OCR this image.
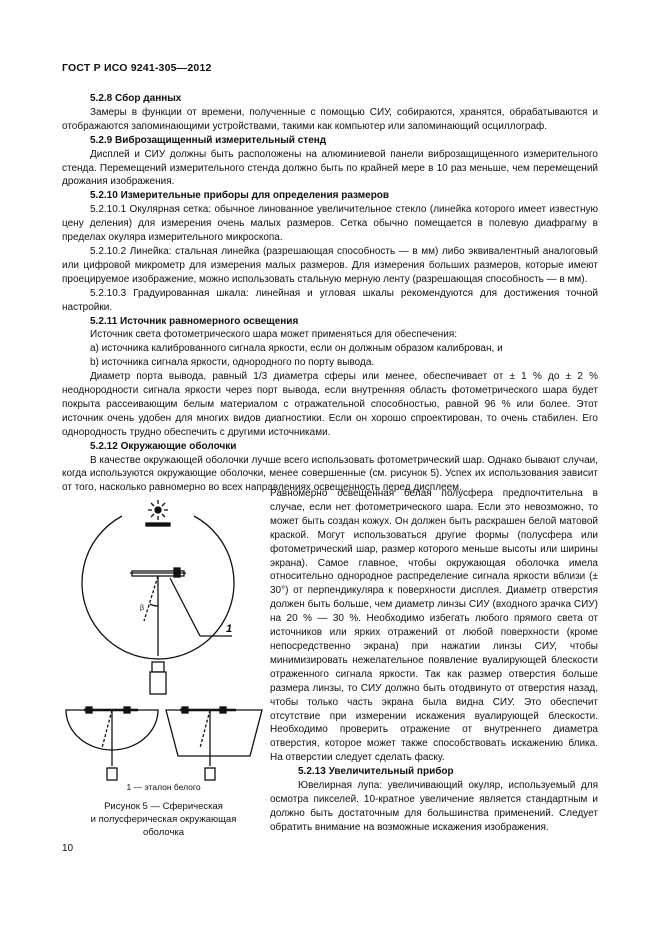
ГОСТ Р ИСО 9241-305—2012

5.2.8 Сбор данных

Замеры в функции от времени, полученные с помощью СИУ, собираются, хранятся, обрабатываются и отображаются запоминающими устройствами, такими как компьютер или запоминающий осциллограф.

5.2.9 Виброзащищенный измерительный стенд

Дисплей и СИУ должны быть расположены на алюминиевой панели виброзащищенного измерительного стенда. Перемещений измерительного стенда должно быть по крайней мере в 10 раз меньше, чем перемещений дрожания изображения.

5.2.10 Измерительные приборы для определения размеров

5.2.10.1 Окулярная сетка: обычное линованное увеличительное стекло (линейка которого имеет известную цену деления) для измерения очень малых размеров. Сетка обычно помещается в полевую диафрагму в пределах окуляра измерительного микроскопа.

5.2.10.2 Линейка: стальная линейка (разрешающая способность — в мм) либо эквивалентный аналоговый или цифровой микрометр для измерения малых размеров. Для измерения больших размеров, которые имеют проецируемое изображение, можно использовать стальную мерную ленту (разрешающая способность — в мм).

5.2.10.3 Градуированная шкала: линейная и угловая шкалы рекомендуются для достижения точной настройки.

5.2.11 Источник равномерного освещения

Источник света фотометрического шара может применяться для обеспечения:

a) источника калиброванного сигнала яркости, если он должным образом калиброван, и

b) источника сигнала яркости, однородного по порту вывода.

Диаметр порта вывода, равный 1/3 диаметра сферы или менее, обеспечивает от ± 1 % до ± 2 % неоднородности сигнала яркости через порт вывода, если внутренняя область фотометрического шара будет покрыта рассеивающим белым материалом с отражательной способностью, равной 96 % или более. Этот источник очень удобен для многих видов диагностики. Если он хорошо спроектирован, то очень стабилен. Его однородность трудно обеспечить с другими источниками.

5.2.12 Окружающие оболочки

В качестве окружающей оболочки лучше всего использовать фотометрический шар. Однако бывают случаи, когда используются окружающие оболочки, менее совершенные (см. рисунок 5). Успех их использования зависит от того, насколько равномерно во всех направлениях освещенность перед дисплеем.

Равномерно освещенная белая полусфера предпочтительна в случае, если нет фотометрического шара. Если это невозможно, то может быть создан кожух. Он должен быть раскрашен белой матовой краской. Могут использоваться другие формы (полусфера или фотометрический шар, размер которого меньше высоты или ширины экрана). Самое главное, чтобы окружающая оболочка имела относительно однородное распределение сигнала яркости вблизи (± 30°) от перпендикуляра к поверхности дисплея. Диаметр отверстия должен быть больше, чем диаметр линзы СИУ (входного зрачка СИУ) на 20 % — 30 %. Необходимо избегать любого прямого света от источников или ярких отражений от любой поверхности (кроме непосредственно экрана) при нажатии линзы СИУ, чтобы минимизировать нежелательное появление вуалирующей блескости отраженного сигнала яркости. Так как размер отверстия больше размера линзы, то СИУ должно быть отодвинуто от отверстия назад, чтобы только часть экрана была видна СИУ. Это обеспечит отсутствие при измерении искажения вуалирующей блескости. Необходимо проверить отражение от внутреннего диаметра отверстия, которое может также способствовать искажению блика. На отверстии следует сделать фаску.

5.2.13 Увеличительный прибор

Ювелирная лупа: увеличивающий окуляр, используемый для осмотра пикселей. 10-кратное увеличение является стандартным и должно быть достаточным для большинства применений. Следует обратить внимание на возможные искажения изображения.

β
1
1 — эталон белого
Рисунок 5 — Сферическая
и полусферическая окружающая
оболочка
10
